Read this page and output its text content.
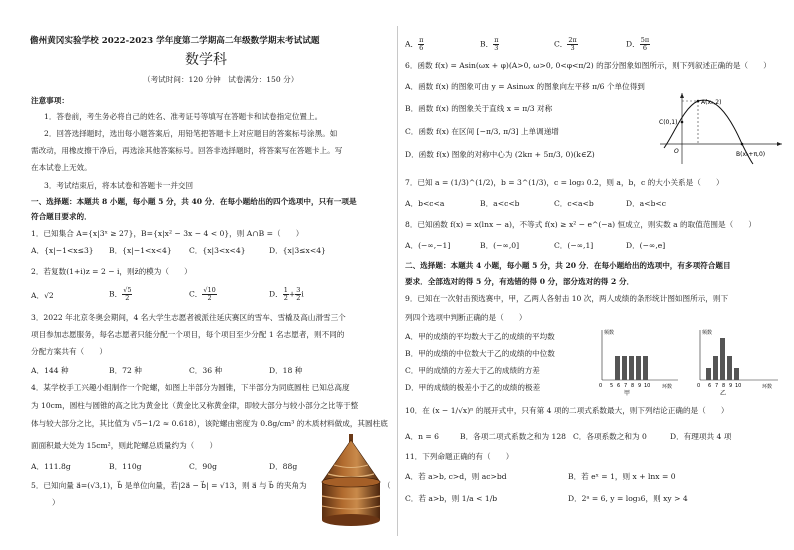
儋州黄冈实验学校 2022-2023 学年度第二学期高二年级数学期末考试试题
数学科
（考试时间：120 分钟　试卷满分：150 分）
注意事项：
1．答卷前，考生务必将自己的姓名、准考证号等填写在答题卡和试卷指定位置上。
2．回答选择题时，选出每小题答案后，用铅笔把答题卡上对应题目的答案标号涂黑。如
需改动，用橡皮擦干净后，再选涂其他答案标号。回答非选择题时，将答案写在答题卡上。写
在本试卷上无效。
3．考试结束后，将本试卷和答题卡一并交回
一、选择题：本题共 8 小题，每小题 5 分，共 40 分．在每小题给出的四个选项中，只有一项是
符合题目要求的．
1．已知集合 A={x|3ˣ ≥ 27}，B={x|x² − 3x − 4 < 0}，则 A∩B =（　　）
A．{x|−1<x≤3} B．{x|−1<x<4} C．{x|3<x<4}	D．{x|3≤x<4}
2．若复数(1+i)z = 2 − i，则z̄的模为（　　）
A．√2	B． $\frac{√5}{2}$	C． $\frac{√10}{2}$	D． $\frac{1}{2} + \frac{3}{2}$ i
3．2022 年北京冬奥会期间，4 名大学生志愿者被派往延庆赛区的雪车、雪橇及高山滑雪三个
项目参加志愿服务，每名志愿者只能分配一个项目，每个项目至少分配 1 名志愿者，则不同的
分配方案共有（　　）
A．144 种	B．72 种	C．36 种	D．18 种
4．某学校手工兴趣小组制作一个陀螺，如图上半部分为圆锥，下半部分为同底圆柱 已知总高度
为 10cm，圆柱与圆锥的高之比为黄金比（黄金比又称黄金律，即较大部分与较小部分之比等于整
体与较大部分之比，其比值为 √5−1/2 ≈ 0.618），该陀螺由密度为 0.8g/cm³ 的木质材料做成，其圆柱底
面面积最大处为 15cm²，则此陀螺总质量约为（　　）
A．111.8g	B．110g	C．90g	D．88g
5．已知向量 a⃗=(√3,1)，b⃗ 是单位向量，若|2a⃗ − b⃗| = √13，则 a⃗ 与 b⃗ 的夹角为	（
）
A． $\frac{\pi}{6}$	B． $\frac{\pi}{3}$	C． $\frac{2\pi}{3}$	D． $\frac{5\pi}{6}$
6．函数 f(x) = Asin(ωx + φ)(A>0, ω>0, 0<φ<π/2) 的部分图象如图所示，则下列叙述正确的是（　　）
A．函数 f(x) 的图象可由 y = Asinωx 的图象向左平移 π/6 个单位得到
B．函数 f(x) 的图象关于直线 x = π/3 对称
C．函数 f(x) 在区间 [−π/3, π/3] 上单调递增
D．函数 f(x) 图象的对称中心为 (2kπ + 5π/3, 0)(k∈Z)
A(x₀,2)
C(0,1)
O	B(x₀+π,0)
7．已知 a = (1/3)^(1/2)，b = 3^(1/3)，c = log₃ 0.2，则 a，b，c 的大小关系是（　　）
A．b<c<a	B．a<c<b	C．c<a<b	D．a<b<c
8．已知函数 f(x) = x(lnx − a)，不等式 f(x) ≥ x² − e^(−a) 恒成立，则实数 a 的取值范围是（　　）
A．(−∞,−1]	B．(−∞,0]	C．(−∞,1]	D．(−∞,e]
二、选择题：本题共 4 小题，每小题 5 分，共 20 分．在每小题给出的选项中，有多项符合题目
要求．全部选对的得 5 分，有选错的得 0 分，部分选对的得 2 分．
9．已知在一次射击预选赛中，甲，乙两人各射击 10 次，两人成绩的条形统计图如图所示，则下
列四个选项中判断正确的是（　　）
A．甲的成绩的平均数大于乙的成绩的平均数
B．甲的成绩的中位数大于乙的成绩的中位数
C．甲的成绩的方差大于乙的成绩的方差
D．甲的成绩的极差小于乙的成绩的极差
频数
环数
0 5 6 7 8 9 10
甲
频数
环数
0 6 7 8 9 10
乙
10．在 (x − 1/√x)ⁿ 的展开式中，只有第 4 项的二项式系数最大，则下列结论正确的是（　　）
A．n = 6	B．各项二项式系数之和为 128 C．各项系数之和为 0	D．有理项共 4 项
11．下列命题正确的有（　　）
A．若 a>b, c>d，则 ac>bd	B．若 eˣ = 1，则 x + lnx = 0
C．若 a>b，则 1/a < 1/b	D．2ᵃ = 6, y = log₃6，则 xy > 4
